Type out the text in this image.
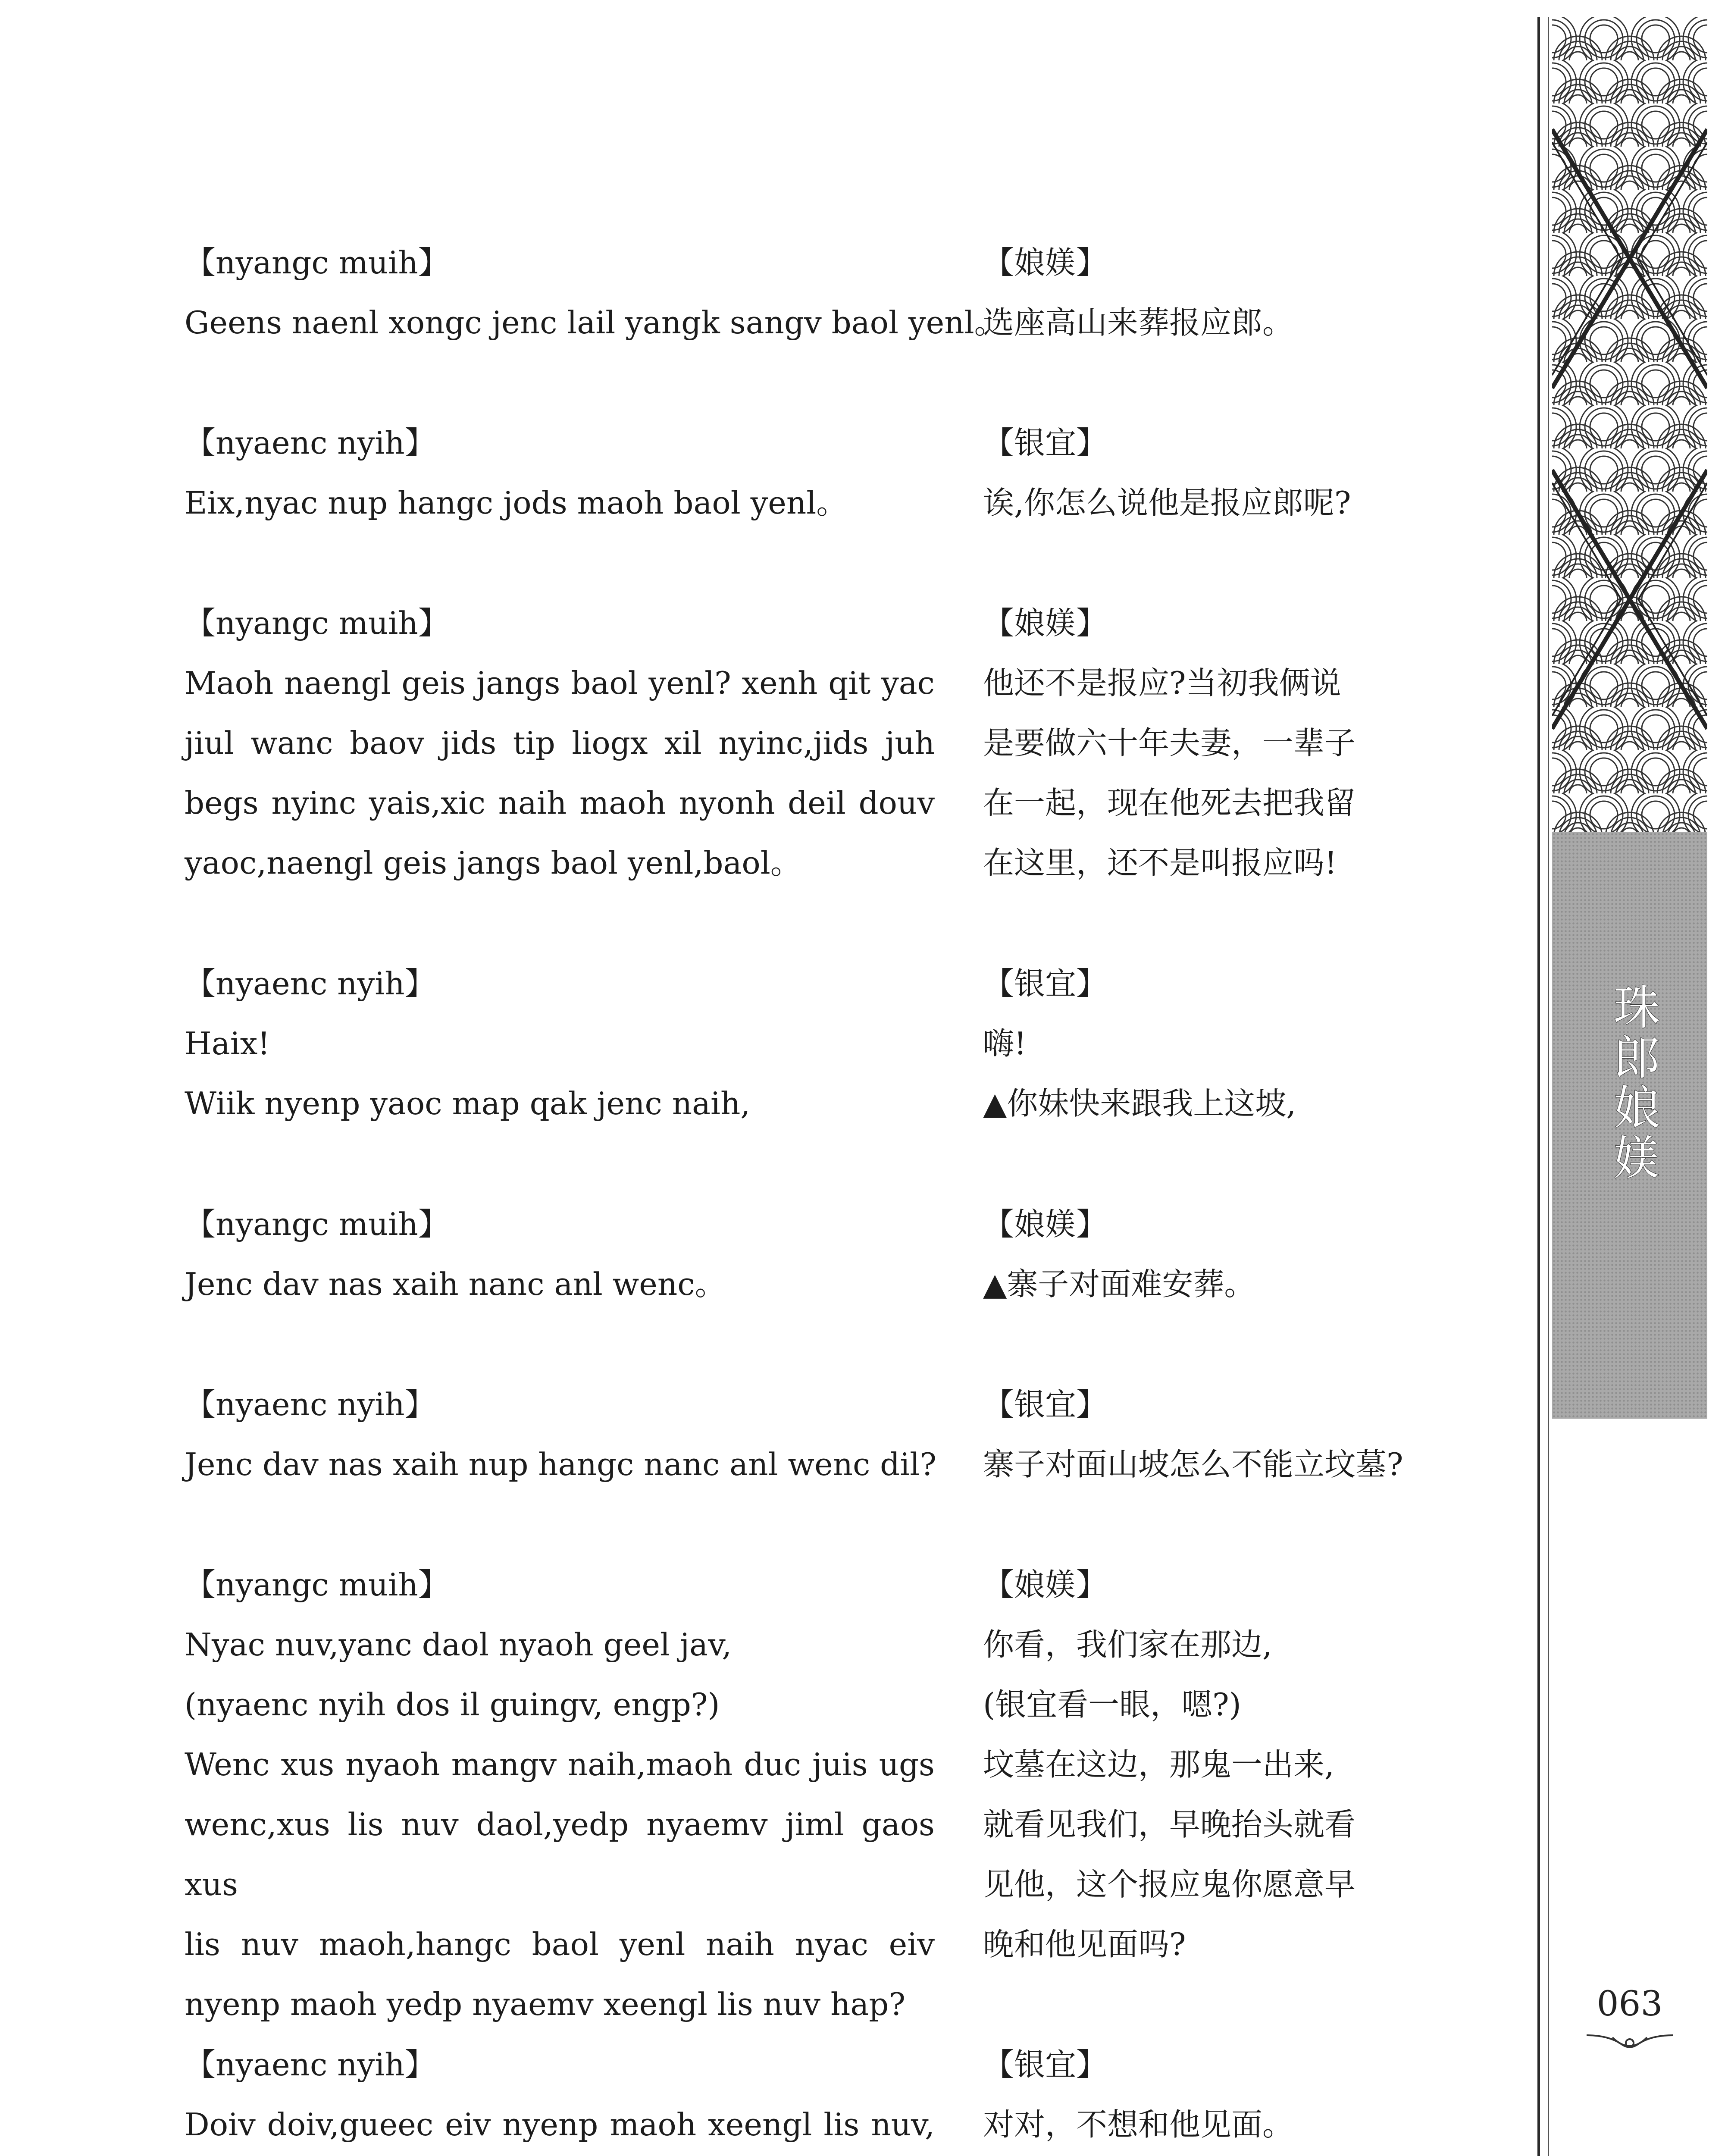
【nyangc muih】
Geens naenl xongc jenc lail yangk sangv baol yenl。
【nyaenc nyih】
Eix,nyac nup hangc jods maoh baol yenl。
【nyangc muih】
Maoh naengl geis jangs baol yenl? xenh qit yac
jiul wanc baov jids tip liogx xil nyinc,jids juh
begs nyinc yais,xic naih maoh nyonh deil douv
yaoc,naengl geis jangs baol yenl,baol。
【nyaenc nyih】
Haix!
Wiik nyenp yaoc map qak jenc naih,
【nyangc muih】
Jenc dav nas xaih nanc anl wenc。
【nyaenc nyih】
Jenc dav nas xaih nup hangc nanc anl wenc dil?
【nyangc muih】
Nyac nuv,yanc daol nyaoh geel jav,
(nyaenc nyih dos il guingv, engp?)
Wenc xus nyaoh mangv naih,maoh duc juis ugs
wenc,xus lis nuv daol,yedp nyaemv jiml gaos xus
lis nuv maoh,hangc baol yenl naih nyac eiv
nyenp maoh yedp nyaemv xeengl lis nuv hap?
【nyaenc nyih】
Doiv doiv,gueec eiv nyenp maoh xeengl lis nuv,
【娘媄】
选座高山来葬报应郎。
【银宜】
诶,你怎么说他是报应郎呢?
【娘媄】
他还不是报应?当初我俩说
是要做六十年夫妻，一辈子
在一起，现在他死去把我留
在这里，还不是叫报应吗!
【银宜】
嗨!
▲你妹快来跟我上这坡,
【娘媄】
▲寨子对面难安葬。
【银宜】
寨子对面山坡怎么不能立坟墓?
【娘媄】
你看，我们家在那边,
(银宜看一眼，嗯?)
坟墓在这边，那鬼一出来,
就看见我们，早晚抬头就看
见他，这个报应鬼你愿意早
晚和他见面吗?
【银宜】
对对，不想和他见面。
珠郎娘媄
063
